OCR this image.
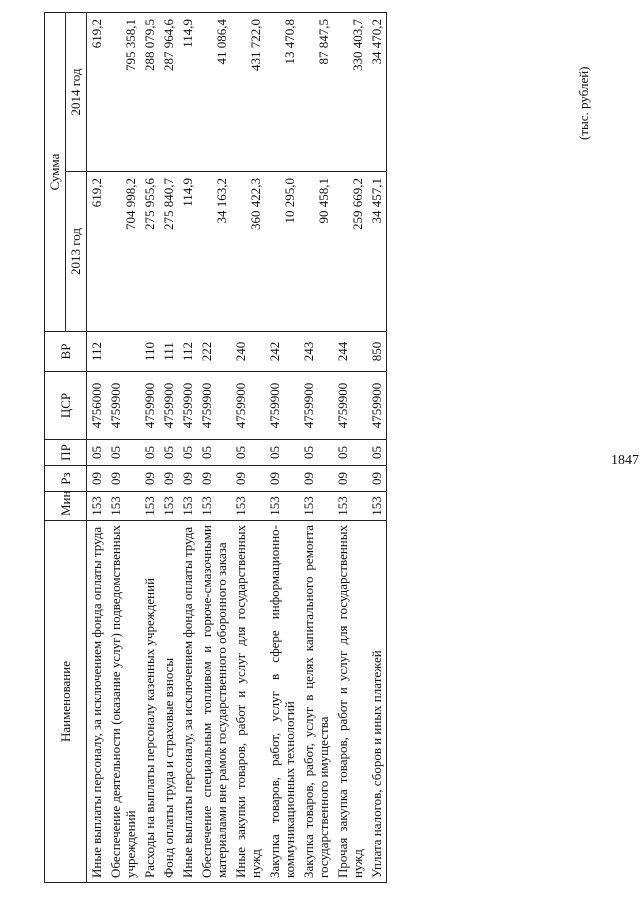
1847
(тыс. рублей)
Наименование	Мин	Рз	ПР	ЦСР	ВР	Сумма	
						2013 год	2014 год
Иные выплаты персоналу, за исключением фонда оплаты труда	153	09	05	4756000	112	619,2	619,2
Обеспечение деятельности (оказание услуг) подведомственных учреждений	153	09	05	4759900		704 998,2	795 358,1
Расходы на выплаты персоналу казенных учреждений	153	09	05	4759900	110	275 955,6	288 079,5
Фонд оплаты труда и страховые взносы	153	09	05	4759900	111	275 840,7	287 964,6
Иные выплаты персоналу, за исключением фонда оплаты труда	153	09	05	4759900	112	114,9	114,9
Обеспечение специальным топливом и горюче-смазочными материалами вне рамок государственного оборонного заказа	153	09	05	4759900	222	34 163,2	41 086,4
Иные закупки товаров, работ и услуг для государственных нужд	153	09	05	4759900	240	360 422,3	431 722,0
Закупка товаров, работ, услуг в сфере информационно-коммуникационных технологий	153	09	05	4759900	242	10 295,0	13 470,8
Закупка товаров, работ, услуг в целях капитального ремонта государственного имущества	153	09	05	4759900	243	90 458,1	87 847,5
Прочая закупка товаров, работ и услуг для государственных нужд	153	09	05	4759900	244	259 669,2	330 403,7
Уплата налогов, сборов и иных платежей	153	09	05	4759900	850	34 457,1	34 470,2
